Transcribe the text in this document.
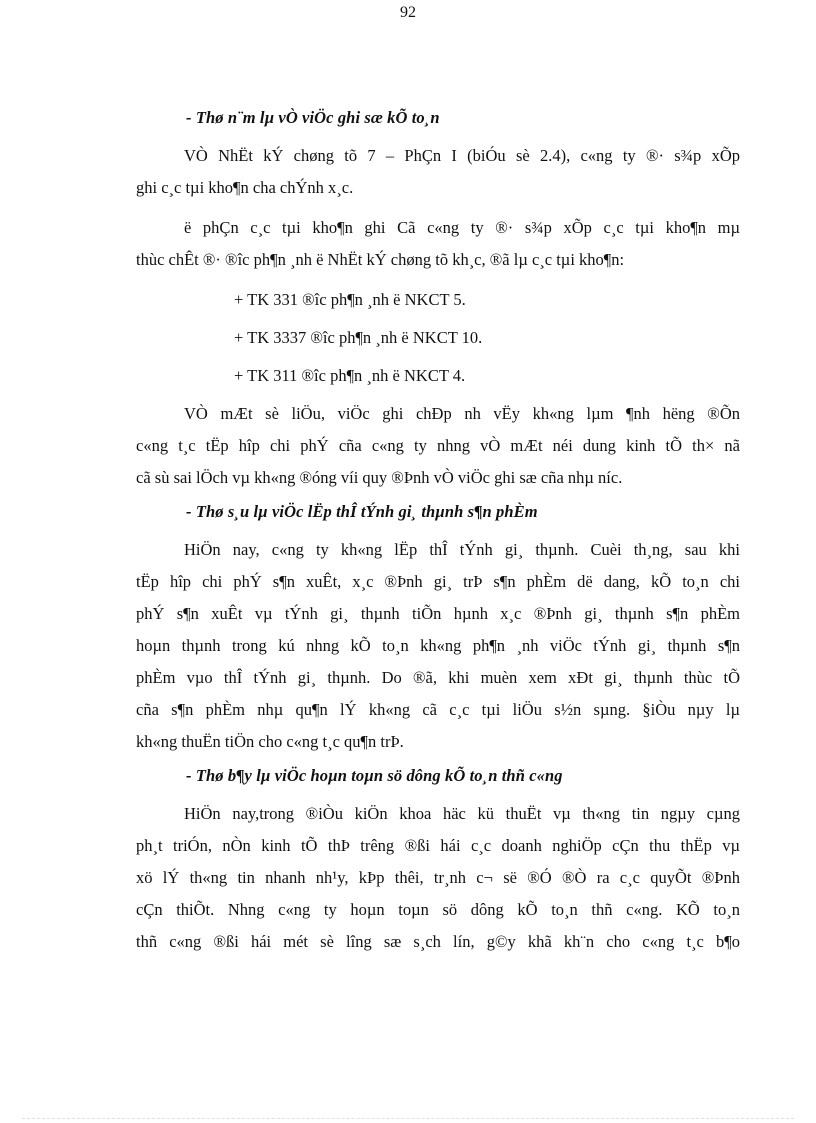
92
- Thø n¨m lµ vÒ viÖc ghi sæ kÕ to¸n
VÒ NhËt kÝ chøng tõ 7 – PhÇn I (biÓu sè 2.4), c«ng ty ®· s¾p xÕp
ghi c¸c tµi kho¶n cha chÝnh x¸c.
ë phÇn c¸c tµi kho¶n ghi Cã c«ng ty ®· s¾p xÕp c¸c tµi kho¶n mµ
thùc chÊt ®· ®îc ph¶n ¸nh ë NhËt kÝ chøng tõ kh¸c, ®ã lµ c¸c tµi kho¶n:
+ TK 331 ®îc ph¶n ¸nh ë NKCT 5.
+ TK 3337 ®îc ph¶n ¸nh ë NKCT 10.
+ TK 311 ®îc ph¶n ¸nh ë NKCT 4.
VÒ mÆt sè liÖu, viÖc ghi chÐp nh vËy kh«ng lµm ¶nh hëng ®Õn
c«ng t¸c tËp hîp chi phÝ cña c«ng ty nhng vÒ mÆt néi dung kinh tÕ th× nã
cã sù sai lÖch vµ kh«ng ®óng víi quy ®Þnh vÒ viÖc ghi sæ cña nhµ níc.
- Thø s¸u lµ viÖc lËp thÎ tÝnh gi¸ thµnh s¶n phÈm
HiÖn nay, c«ng ty kh«ng lËp thÎ tÝnh gi¸ thµnh. Cuèi th¸ng, sau khi
tËp hîp chi phÝ s¶n xuÊt, x¸c ®Þnh gi¸ trÞ s¶n phÈm dë dang, kÕ to¸n chi
phÝ s¶n xuÊt vµ tÝnh gi¸ thµnh tiÕn hµnh x¸c ®Þnh gi¸ thµnh s¶n phÈm
hoµn thµnh trong kú nhng kÕ to¸n kh«ng ph¶n ¸nh viÖc tÝnh gi¸ thµnh s¶n
phÈm vµo thÎ tÝnh gi¸ thµnh. Do ®ã, khi muèn xem xÐt gi¸ thµnh thùc tÕ
cña s¶n phÈm nhµ qu¶n lÝ kh«ng cã c¸c tµi liÖu s½n sµng. §iÒu nµy lµ
kh«ng thuËn tiÖn cho c«ng t¸c qu¶n trÞ.
- Thø b¶y lµ viÖc hoµn toµn sö dông kÕ to¸n thñ c«ng
HiÖn nay,trong ®iÒu kiÖn khoa häc kü thuËt vµ th«ng tin ngµy cµng
ph¸t triÓn, nÒn kinh tÕ thÞ trêng ®ßi hái c¸c doanh nghiÖp cÇn thu thËp vµ
xö lÝ th«ng tin nhanh nh¹y, kÞp thêi, tr¸nh c¬ së ®Ó ®Ò ra c¸c quyÕt ®Þnh
cÇn thiÕt. Nhng c«ng ty hoµn toµn sö dông kÕ to¸n thñ c«ng. KÕ to¸n
thñ c«ng ®ßi hái mét sè lîng sæ s¸ch lín, g©y khã kh¨n cho c«ng t¸c b¶o
